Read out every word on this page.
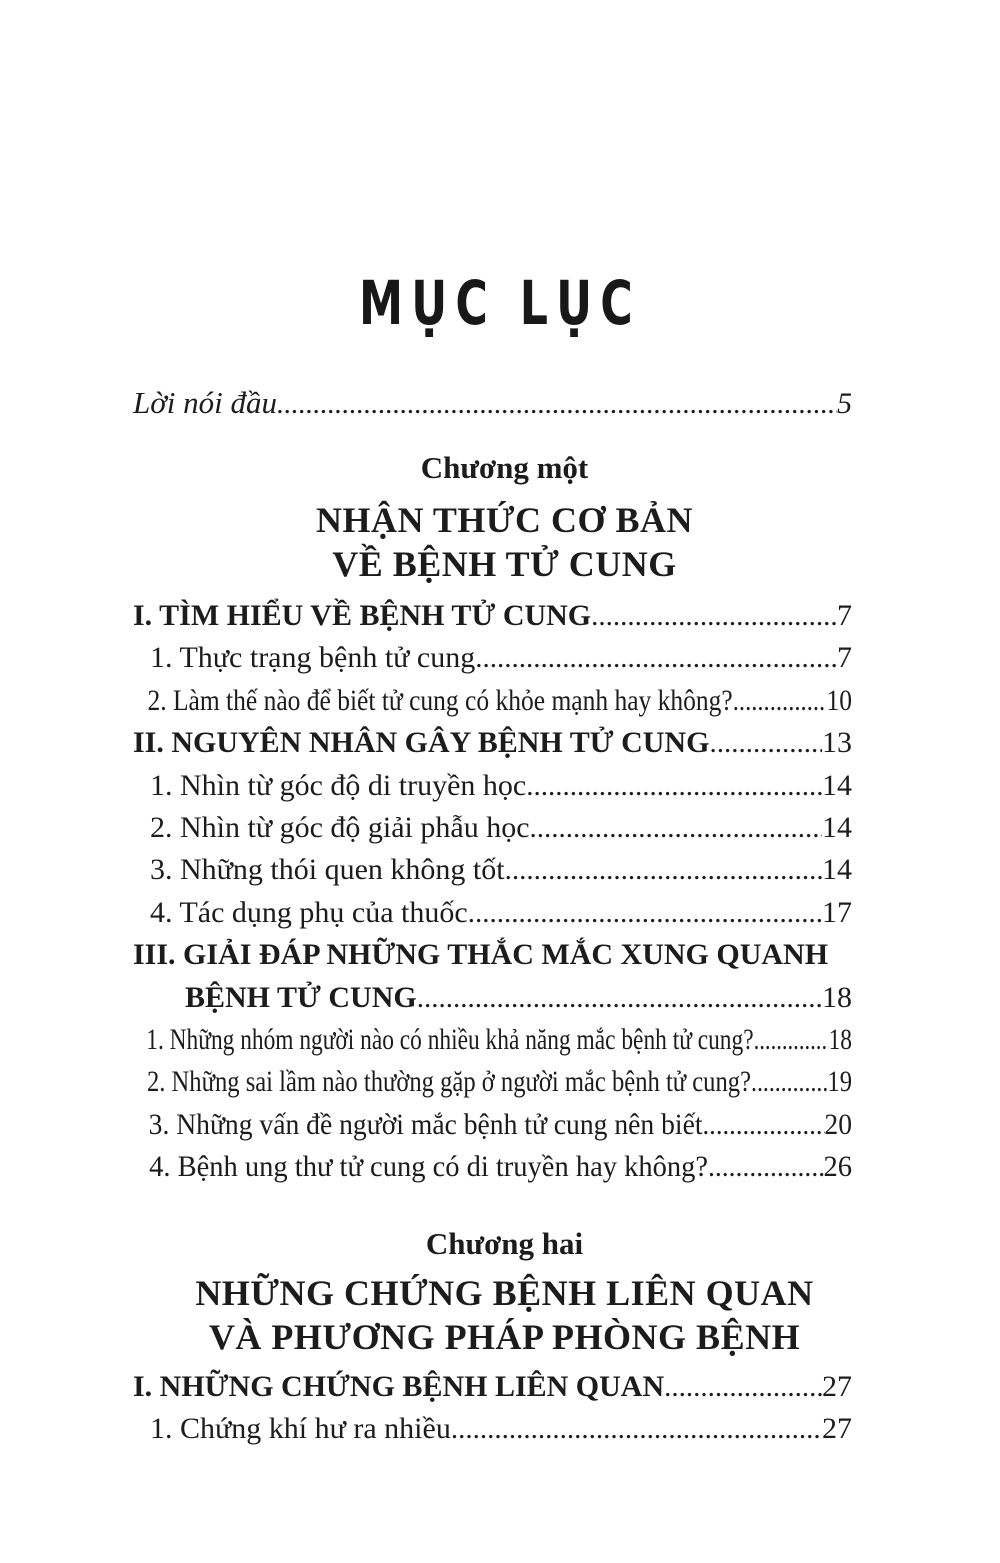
MỤC LỤC
Lời nói đầu .....	5
Chương một
NHẬN THỨC CƠ BẢN
VỀ BỆNH TỬ CUNG
I. TÌM HIỂU VỀ BỆNH TỬ CUNG .....	7
1. Thực trạng bệnh tử cung .....	7
2. Làm thế nào để biết tử cung có khỏe mạnh hay không? .....	10
II. NGUYÊN NHÂN GÂY BỆNH TỬ CUNG .....	13
1. Nhìn từ góc độ di truyền học .....	14
2. Nhìn từ góc độ giải phẫu học .....	14
3. Những thói quen không tốt .....	14
4. Tác dụng phụ của thuốc .....	17
III. GIẢI ĐÁP NHỮNG THẮC MẮC XUNG QUANH
BỆNH TỬ CUNG .....	18
1. Những nhóm người nào có nhiều khả năng mắc bệnh tử cung? ..... 18
2. Những sai lầm nào thường gặp ở người mắc bệnh tử cung? .....	19
3. Những vấn đề người mắc bệnh tử cung nên biết .....	20
4. Bệnh ung thư tử cung có di truyền hay không? .....	26
Chương hai
NHỮNG CHỨNG BỆNH LIÊN QUAN
VÀ PHƯƠNG PHÁP PHÒNG BỆNH
I. NHỮNG CHỨNG BỆNH LIÊN QUAN .....	27
1. Chứng khí hư ra nhiều .....	27
